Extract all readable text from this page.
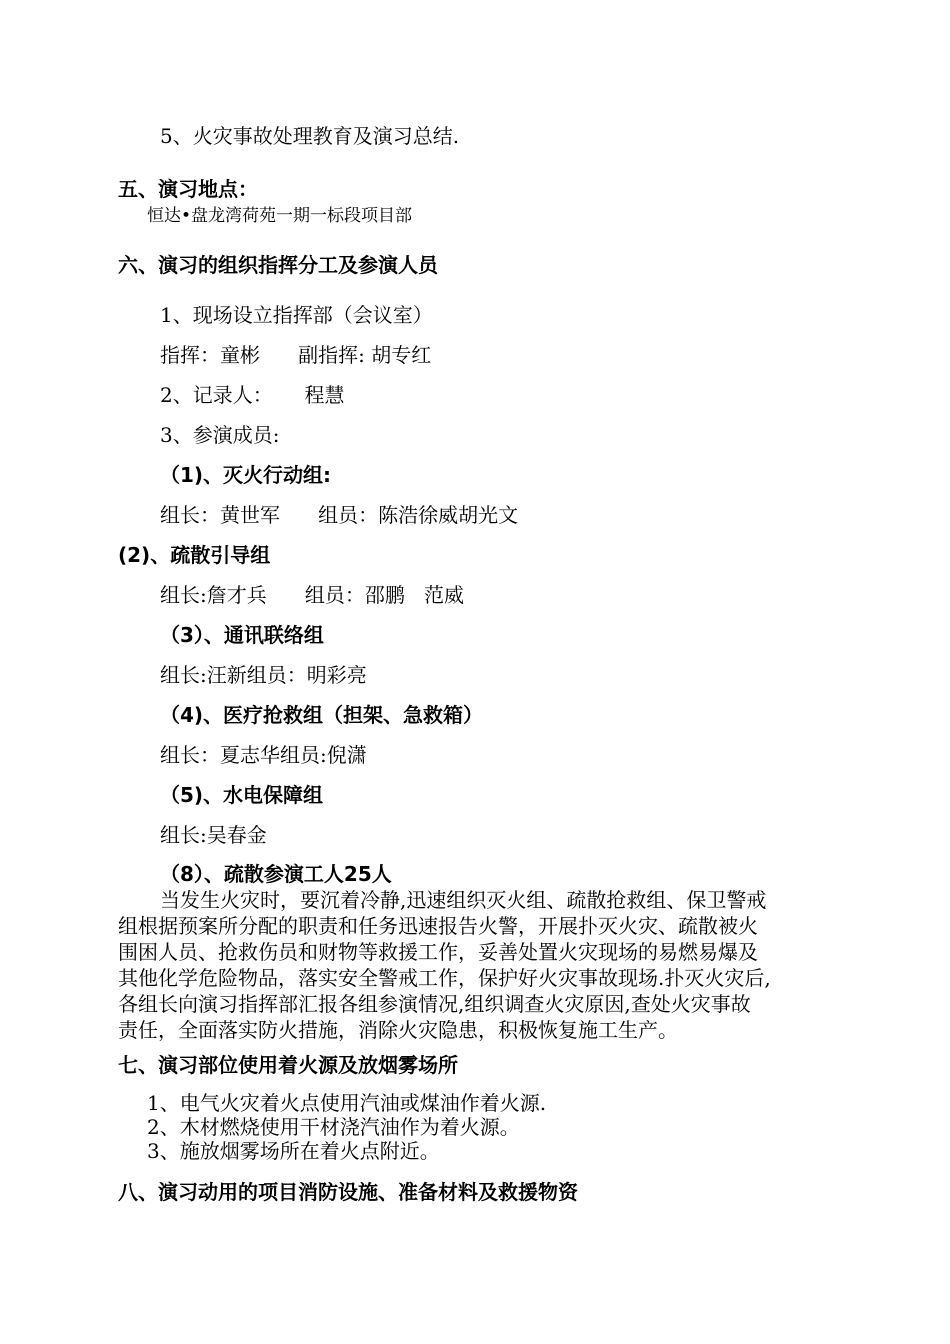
5、火灾事故处理教育及演习总结.
五、演习地点：
恒达•盘龙湾荷苑一期一标段项目部
六、演习的组织指挥分工及参演人员
1、现场设立指挥部（会议室）
指挥：童彬      副指挥: 胡专红
2、记录人：     程慧
3、参演成员:
（1)、灭火行动组:
组长：黄世军      组员：陈浩徐威胡光文
(2)、疏散引导组
组长:詹才兵      组员：邵鹏   范威
（3）、通讯联络组
组长:汪新组员：明彩亮
（4)、医疗抢救组（担架、急救箱）
组长：夏志华组员:倪潇
（5)、水电保障组
组长:吴春金
（8）、疏散参演工人25人
当发生火灾时，要沉着冷静,迅速组织灭火组、疏散抢救组、保卫警戒
组根据预案所分配的职责和任务迅速报告火警，开展扑灭火灾、疏散被火
围困人员、抢救伤员和财物等救援工作，妥善处置火灾现场的易燃易爆及
其他化学危险物品，落实安全警戒工作，保护好火灾事故现场.扑灭火灾后,
各组长向演习指挥部汇报各组参演情况,组织调查火灾原因,查处火灾事故
责任，全面落实防火措施，消除火灾隐患，积极恢复施工生产。
七、演习部位使用着火源及放烟雾场所
1、电气火灾着火点使用汽油或煤油作着火源.
2、木材燃烧使用干材浇汽油作为着火源。
3、施放烟雾场所在着火点附近。
八、演习动用的项目消防设施、准备材料及救援物资
